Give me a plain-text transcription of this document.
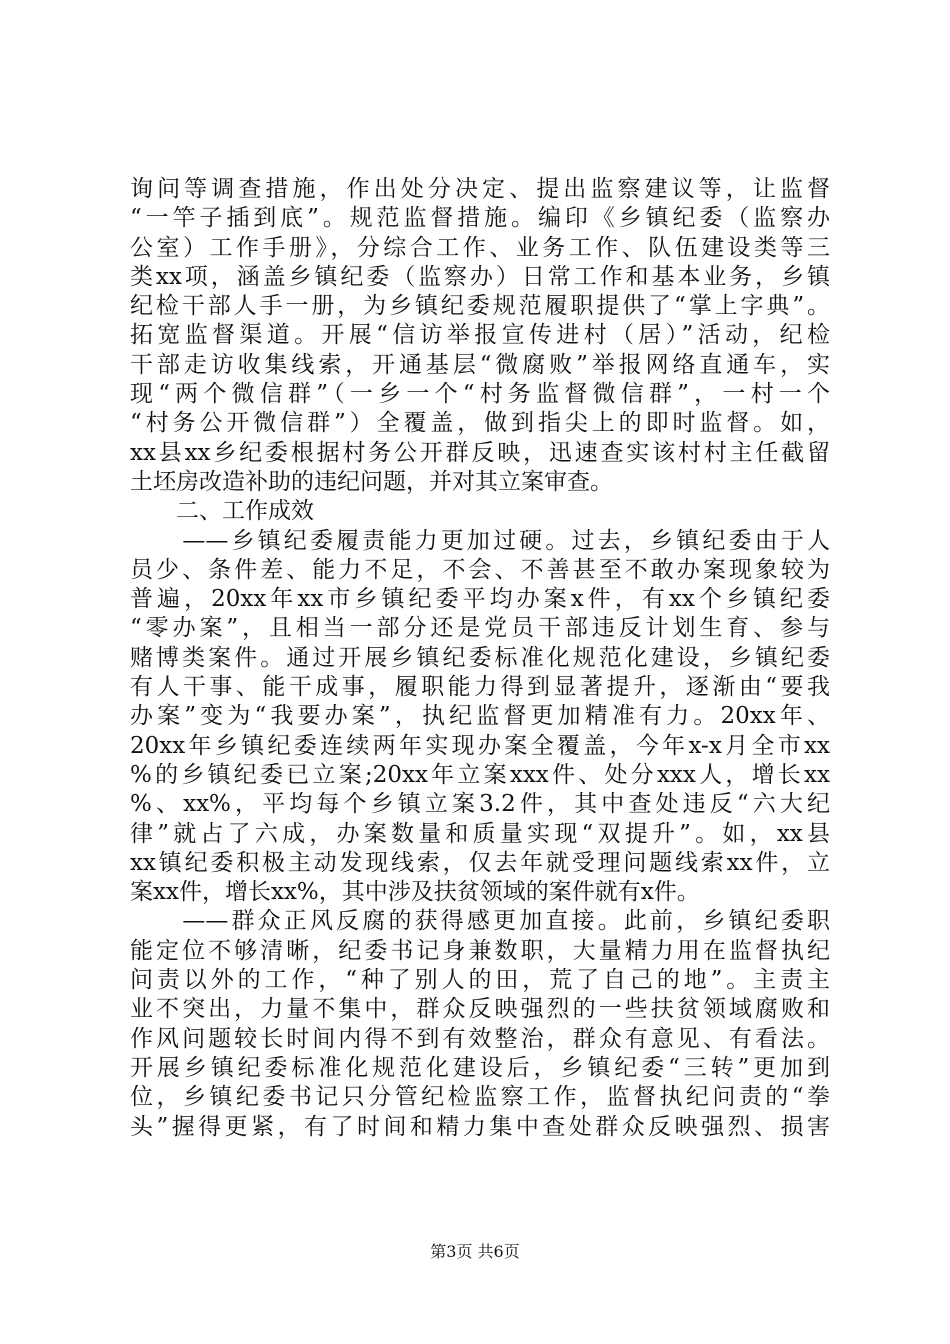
询问等调查措施，作出处分决定、提出监察建议等，让监督
“一竿子插到底”。规范监督措施。编印《乡镇纪委（监察办
公室）工作手册》，分综合工作、业务工作、队伍建设类等三
类xx项，涵盖乡镇纪委（监察办）日常工作和基本业务，乡镇
纪检干部人手一册，为乡镇纪委规范履职提供了“掌上字典”。
拓宽监督渠道。开展“信访举报宣传进村（居）”活动，纪检
干部走访收集线索，开通基层“微腐败”举报网络直通车，实
现“两个微信群”（一乡一个“村务监督微信群”，一村一个
“村务公开微信群”）全覆盖，做到指尖上的即时监督。如，
xx县xx乡纪委根据村务公开群反映，迅速查实该村村主任截留
土坯房改造补助的违纪问题，并对其立案审查。
　　二、工作成效
　　——乡镇纪委履责能力更加过硬。过去，乡镇纪委由于人
员少、条件差、能力不足，不会、不善甚至不敢办案现象较为
普遍，20xx年xx市乡镇纪委平均办案x件，有xx个乡镇纪委
“零办案”，且相当一部分还是党员干部违反计划生育、参与
赌博类案件。通过开展乡镇纪委标准化规范化建设，乡镇纪委
有人干事、能干成事，履职能力得到显著提升，逐渐由“要我
办案”变为“我要办案”，执纪监督更加精准有力。20xx年、
20xx年乡镇纪委连续两年实现办案全覆盖，今年x-x月全市xx
%的乡镇纪委已立案;20xx年立案xxx件、处分xxx人，增长xx
%、xx%，平均每个乡镇立案3.2件，其中查处违反“六大纪
律”就占了六成，办案数量和质量实现“双提升”。如，xx县
xx镇纪委积极主动发现线索，仅去年就受理问题线索xx件，立
案xx件，增长xx%，其中涉及扶贫领域的案件就有x件。
　　——群众正风反腐的获得感更加直接。此前，乡镇纪委职
能定位不够清晰，纪委书记身兼数职，大量精力用在监督执纪
问责以外的工作，“种了别人的田，荒了自己的地”。主责主
业不突出，力量不集中，群众反映强烈的一些扶贫领域腐败和
作风问题较长时间内得不到有效整治，群众有意见、有看法。
开展乡镇纪委标准化规范化建设后，乡镇纪委“三转”更加到
位，乡镇纪委书记只分管纪检监察工作，监督执纪问责的“拳
头”握得更紧，有了时间和精力集中查处群众反映强烈、损害
第3页 共6页
